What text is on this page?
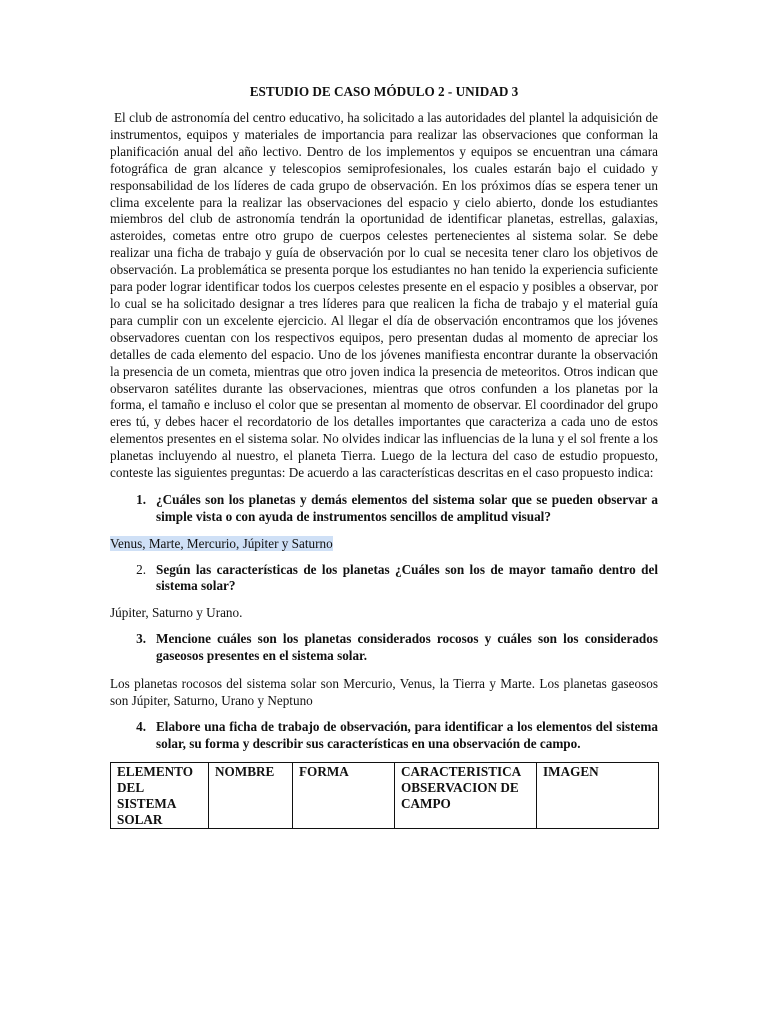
ESTUDIO DE CASO MÓDULO 2 - UNIDAD 3

El club de astronomía del centro educativo, ha solicitado a las autoridades del plantel la adquisición de instrumentos, equipos y materiales de importancia para realizar las observaciones que conforman la planificación anual del año lectivo. Dentro de los implementos y equipos se encuentran una cámara fotográfica de gran alcance y telescopios semiprofesionales, los cuales estarán bajo el cuidado y responsabilidad de los líderes de cada grupo de observación. En los próximos días se espera tener un clima excelente para la realizar las observaciones del espacio y cielo abierto, donde los estudiantes miembros del club de astronomía tendrán la oportunidad de identificar planetas, estrellas, galaxias, asteroides, cometas entre otro grupo de cuerpos celestes pertenecientes al sistema solar. Se debe realizar una ficha de trabajo y guía de observación por lo cual se necesita tener claro los objetivos de observación. La problemática se presenta porque los estudiantes no han tenido la experiencia suficiente para poder lograr identificar todos los cuerpos celestes presente en el espacio y posibles a observar, por lo cual se ha solicitado designar a tres líderes para que realicen la ficha de trabajo y el material guía para cumplir con un excelente ejercicio. Al llegar el día de observación encontramos que los jóvenes observadores cuentan con los respectivos equipos, pero presentan dudas al momento de apreciar los detalles de cada elemento del espacio. Uno de los jóvenes manifiesta encontrar durante la observación la presencia de un cometa, mientras que otro joven indica la presencia de meteoritos. Otros indican que observaron satélites durante las observaciones, mientras que otros confunden a los planetas por la forma, el tamaño e incluso el color que se presentan al momento de observar. El coordinador del grupo eres tú, y debes hacer el recordatorio de los detalles importantes que caracteriza a cada uno de estos elementos presentes en el sistema solar. No olvides indicar las influencias de la luna y el sol frente a los planetas incluyendo al nuestro, el planeta Tierra. Luego de la lectura del caso de estudio propuesto, conteste las siguientes preguntas: De acuerdo a las características descritas en el caso propuesto indica:

1. ¿Cuáles son los planetas y demás elementos del sistema solar que se pueden observar a simple vista o con ayuda de instrumentos sencillos de amplitud visual?

Venus, Marte, Mercurio, Júpiter y Saturno

2. Según las características de los planetas ¿Cuáles son los de mayor tamaño dentro del sistema solar?

Júpiter, Saturno y Urano.

3. Mencione cuáles son los planetas considerados rocosos y cuáles son los considerados gaseosos presentes en el sistema solar.

Los planetas rocosos del sistema solar son Mercurio, Venus, la Tierra y Marte. Los planetas gaseosos son Júpiter, Saturno, Urano y Neptuno

4. Elabore una ficha de trabajo de observación, para identificar a los elementos del sistema solar, su forma y describir sus características en una observación de campo.
ELEMENTO DEL SISTEMA SOLAR	NOMBRE	FORMA	CARACTERISTICA OBSERVACION DE CAMPO	IMAGEN
